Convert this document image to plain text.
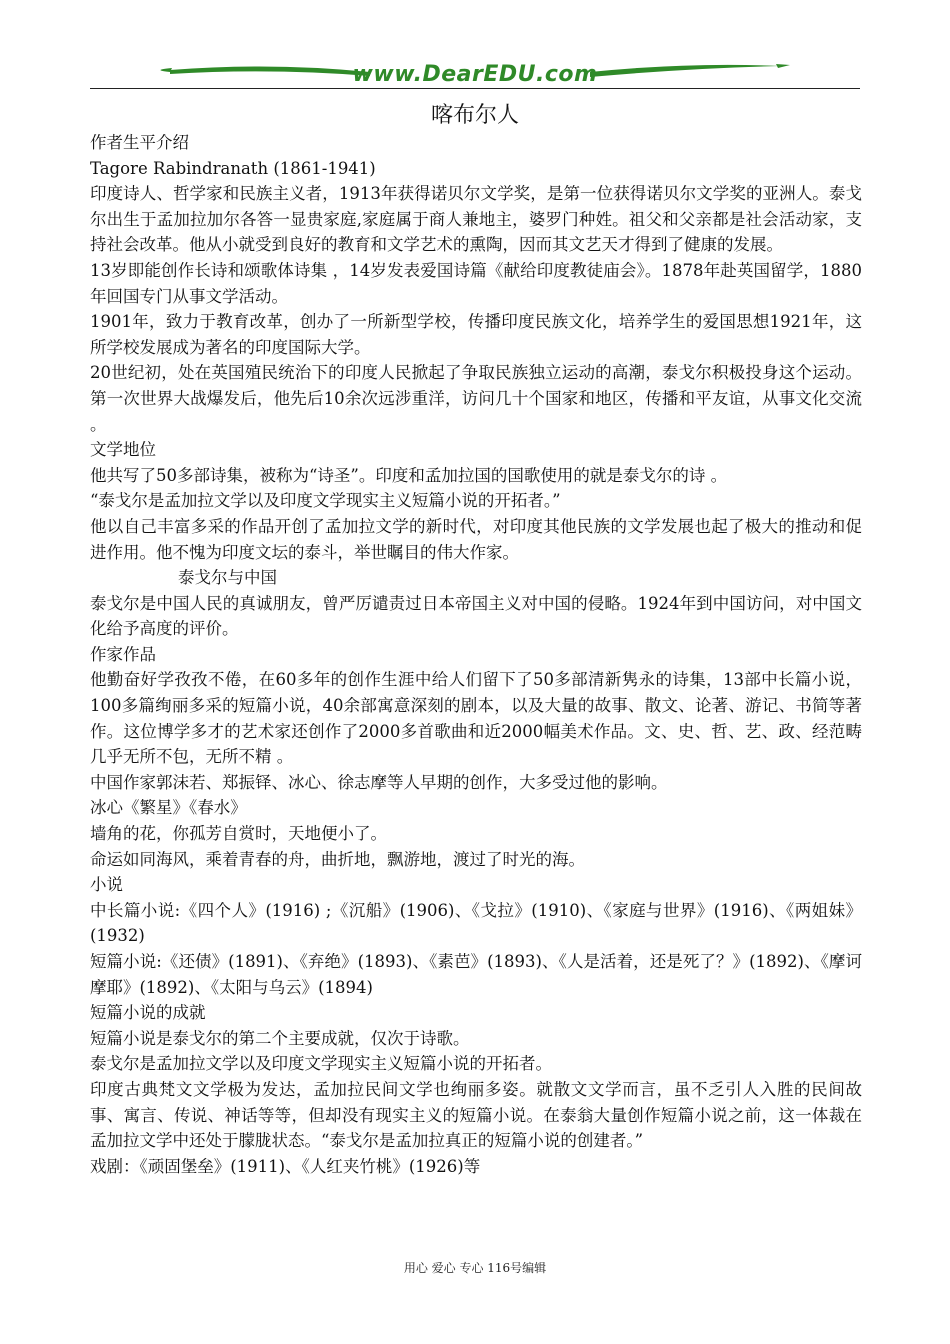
www.DearEDU.com
喀布尔人

作者生平介绍

Tagore Rabindranath (1861-1941)

印度诗人、哲学家和民族主义者，1913年获得诺贝尔文学奖，是第一位获得诺贝尔文学奖的亚洲人。泰戈尔出生于孟加拉加尔各答一显贵家庭,家庭属于商人兼地主，婆罗门种姓。祖父和父亲都是社会活动家，支持社会改革。他从小就受到良好的教育和文学艺术的熏陶，因而其文艺天才得到了健康的发展。

13岁即能创作长诗和颂歌体诗集 ，14岁发表爱国诗篇《献给印度教徒庙会》。1878年赴英国留学，1880年回国专门从事文学活动。

1901年，致力于教育改革，创办了一所新型学校，传播印度民族文化，培养学生的爱国思想1921年，这所学校发展成为著名的印度国际大学。

20世纪初，处在英国殖民统治下的印度人民掀起了争取民族独立运动的高潮，泰戈尔积极投身这个运动。第一次世界大战爆发后，他先后10余次远涉重洋，访问几十个国家和地区，传播和平友谊，从事文化交流 。

文学地位

他共写了50多部诗集，被称为“诗圣”。印度和孟加拉国的国歌使用的就是泰戈尔的诗 。

“泰戈尔是孟加拉文学以及印度文学现实主义短篇小说的开拓者。”

他以自己丰富多采的作品开创了孟加拉文学的新时代，对印度其他民族的文学发展也起了极大的推动和促进作用。他不愧为印度文坛的泰斗，举世瞩目的伟大作家。

泰戈尔与中国

泰戈尔是中国人民的真诚朋友，曾严厉谴责过日本帝国主义对中国的侵略。1924年到中国访问，对中国文化给予高度的评价。

作家作品

他勤奋好学孜孜不倦，在60多年的创作生涯中给人们留下了50多部清新隽永的诗集，13部中长篇小说，100多篇绚丽多采的短篇小说，40余部寓意深刻的剧本，以及大量的故事、散文、论著、游记、书简等著作。这位博学多才的艺术家还创作了2000多首歌曲和近2000幅美术作品。文、史、哲、艺、政、经范畴几乎无所不包，无所不精 。

中国作家郭沫若、郑振铎、冰心、徐志摩等人早期的创作，大多受过他的影响。

冰心《繁星》《春水》

墙角的花，你孤芳自赏时，天地便小了。

命运如同海风，乘着青春的舟，曲折地，飘游地，渡过了时光的海。

小说

中长篇小说:《四个人》(1916) ;《沉船》(1906)、《戈拉》(1910)、《家庭与世界》(1916)、《两姐妹》 (1932)

短篇小说:《还债》(1891)、《弃绝》(1893)、《素芭》(1893)、《人是活着，还是死了？》(1892)、《摩诃摩耶》(1892)、《太阳与乌云》(1894)

短篇小说的成就

短篇小说是泰戈尔的第二个主要成就，仅次于诗歌。

泰戈尔是孟加拉文学以及印度文学现实主义短篇小说的开拓者。

印度古典梵文文学极为发达，孟加拉民间文学也绚丽多姿。就散文文学而言，虽不乏引人入胜的民间故事、寓言、传说、神话等等，但却没有现实主义的短篇小说。在泰翁大量创作短篇小说之前，这一体裁在孟加拉文学中还处于朦胧状态。“泰戈尔是孟加拉真正的短篇小说的创建者。”

戏剧：《顽固堡垒》(1911)、《人红夹竹桃》(1926)等

用心 爱心 专心 116号编辑
